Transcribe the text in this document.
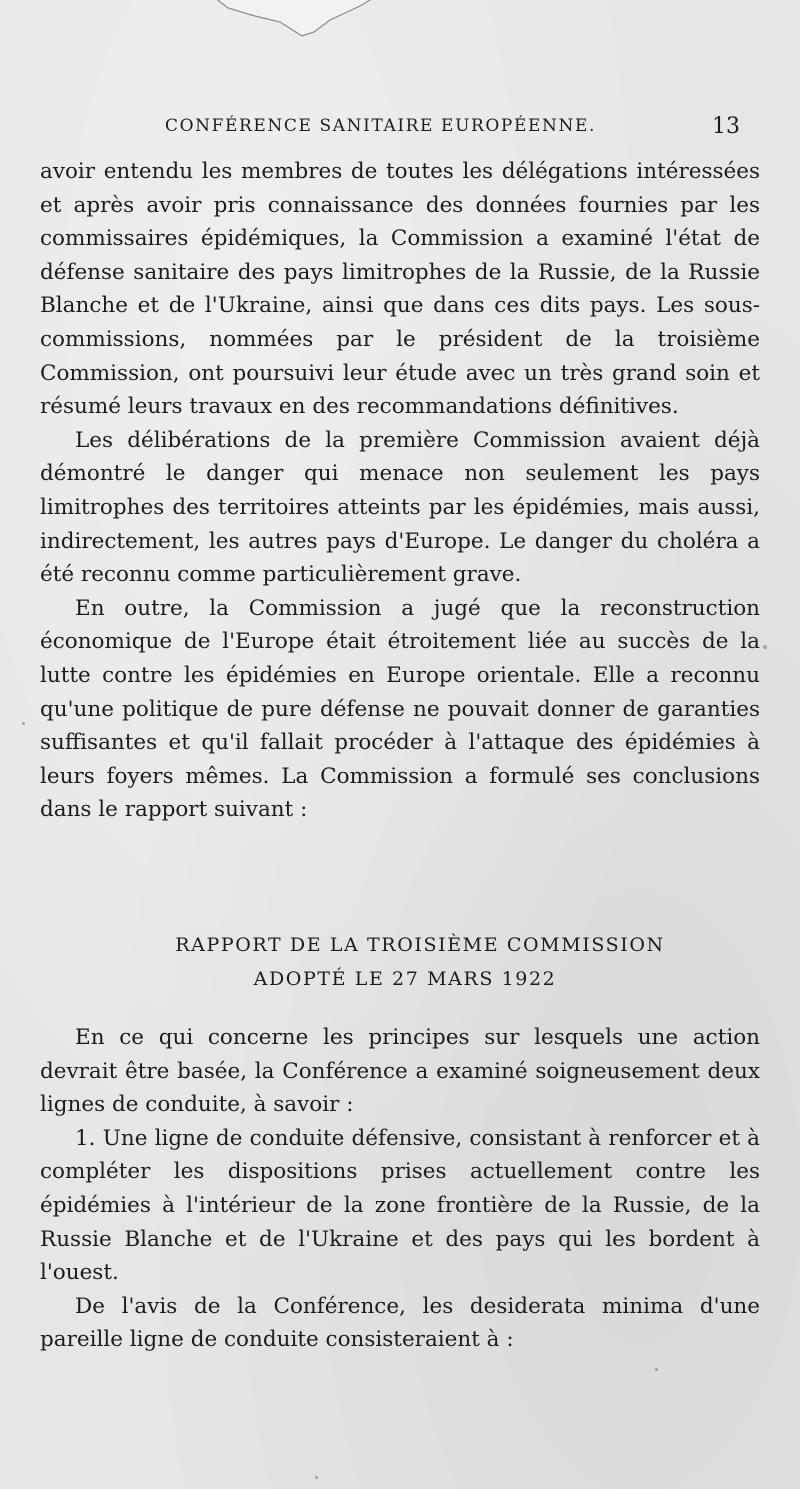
CONFÉRENCE SANITAIRE EUROPÉENNE.	13

avoir entendu les membres de toutes les délégations intéressées et après avoir pris connaissance des données fournies par les commissaires épidémiques, la Commission a examiné l'état de défense sanitaire des pays limitrophes de la Russie, de la Russie Blanche et de l'Ukraine, ainsi que dans ces dits pays. Les sous-commissions, nommées par le président de la troisième Commission, ont poursuivi leur étude avec un très grand soin et résumé leurs travaux en des recommandations définitives.

Les délibérations de la première Commission avaient déjà démontré le danger qui menace non seulement les pays limitrophes des territoires atteints par les épidémies, mais aussi, indirectement, les autres pays d'Europe. Le danger du choléra a été reconnu comme particulièrement grave.

En outre, la Commission a jugé que la reconstruction économique de l'Europe était étroitement liée au succès de la lutte contre les épidémies en Europe orientale. Elle a reconnu qu'une politique de pure défense ne pouvait donner de garanties suffisantes et qu'il fallait procéder à l'attaque des épidémies à leurs foyers mêmes. La Commission a formulé ses conclusions dans le rapport suivant :

RAPPORT DE LA TROISIÈME COMMISSION
ADOPTÉ LE 27 MARS 1922

En ce qui concerne les principes sur lesquels une action devrait être basée, la Conférence a examiné soigneusement deux lignes de conduite, à savoir :

1. Une ligne de conduite défensive, consistant à renforcer et à compléter les dispositions prises actuellement contre les épidémies à l'intérieur de la zone frontière de la Russie, de la Russie Blanche et de l'Ukraine et des pays qui les bordent à l'ouest.

De l'avis de la Conférence, les desiderata minima d'une pareille ligne de conduite consisteraient à :
